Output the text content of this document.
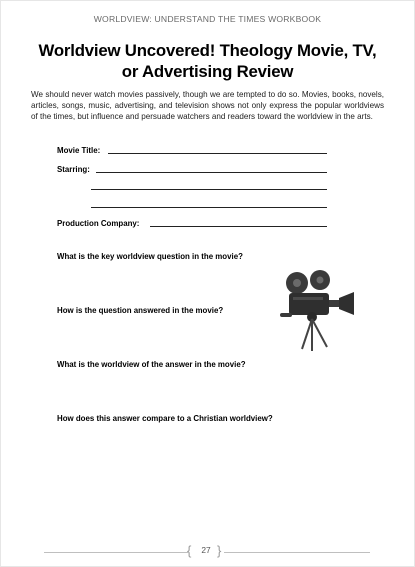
WORLDVIEW: UNDERSTAND THE TIMES WORKBOOK
Worldview Uncovered! Theology Movie, TV,
or Advertising Review
We should never watch movies passively, though we are tempted to do so. Movies, books, novels, articles, songs, music, advertising, and television shows not only express the popular worldviews of the times, but influence and persuade watchers and readers toward the worldview in the arts.
Movie Title:
Starring:
Production Company:
What is the key worldview question in the movie?
How is the question answered in the movie?
What is the worldview of the answer in the movie?
How does this answer compare to a Christian worldview?
{ }
27
